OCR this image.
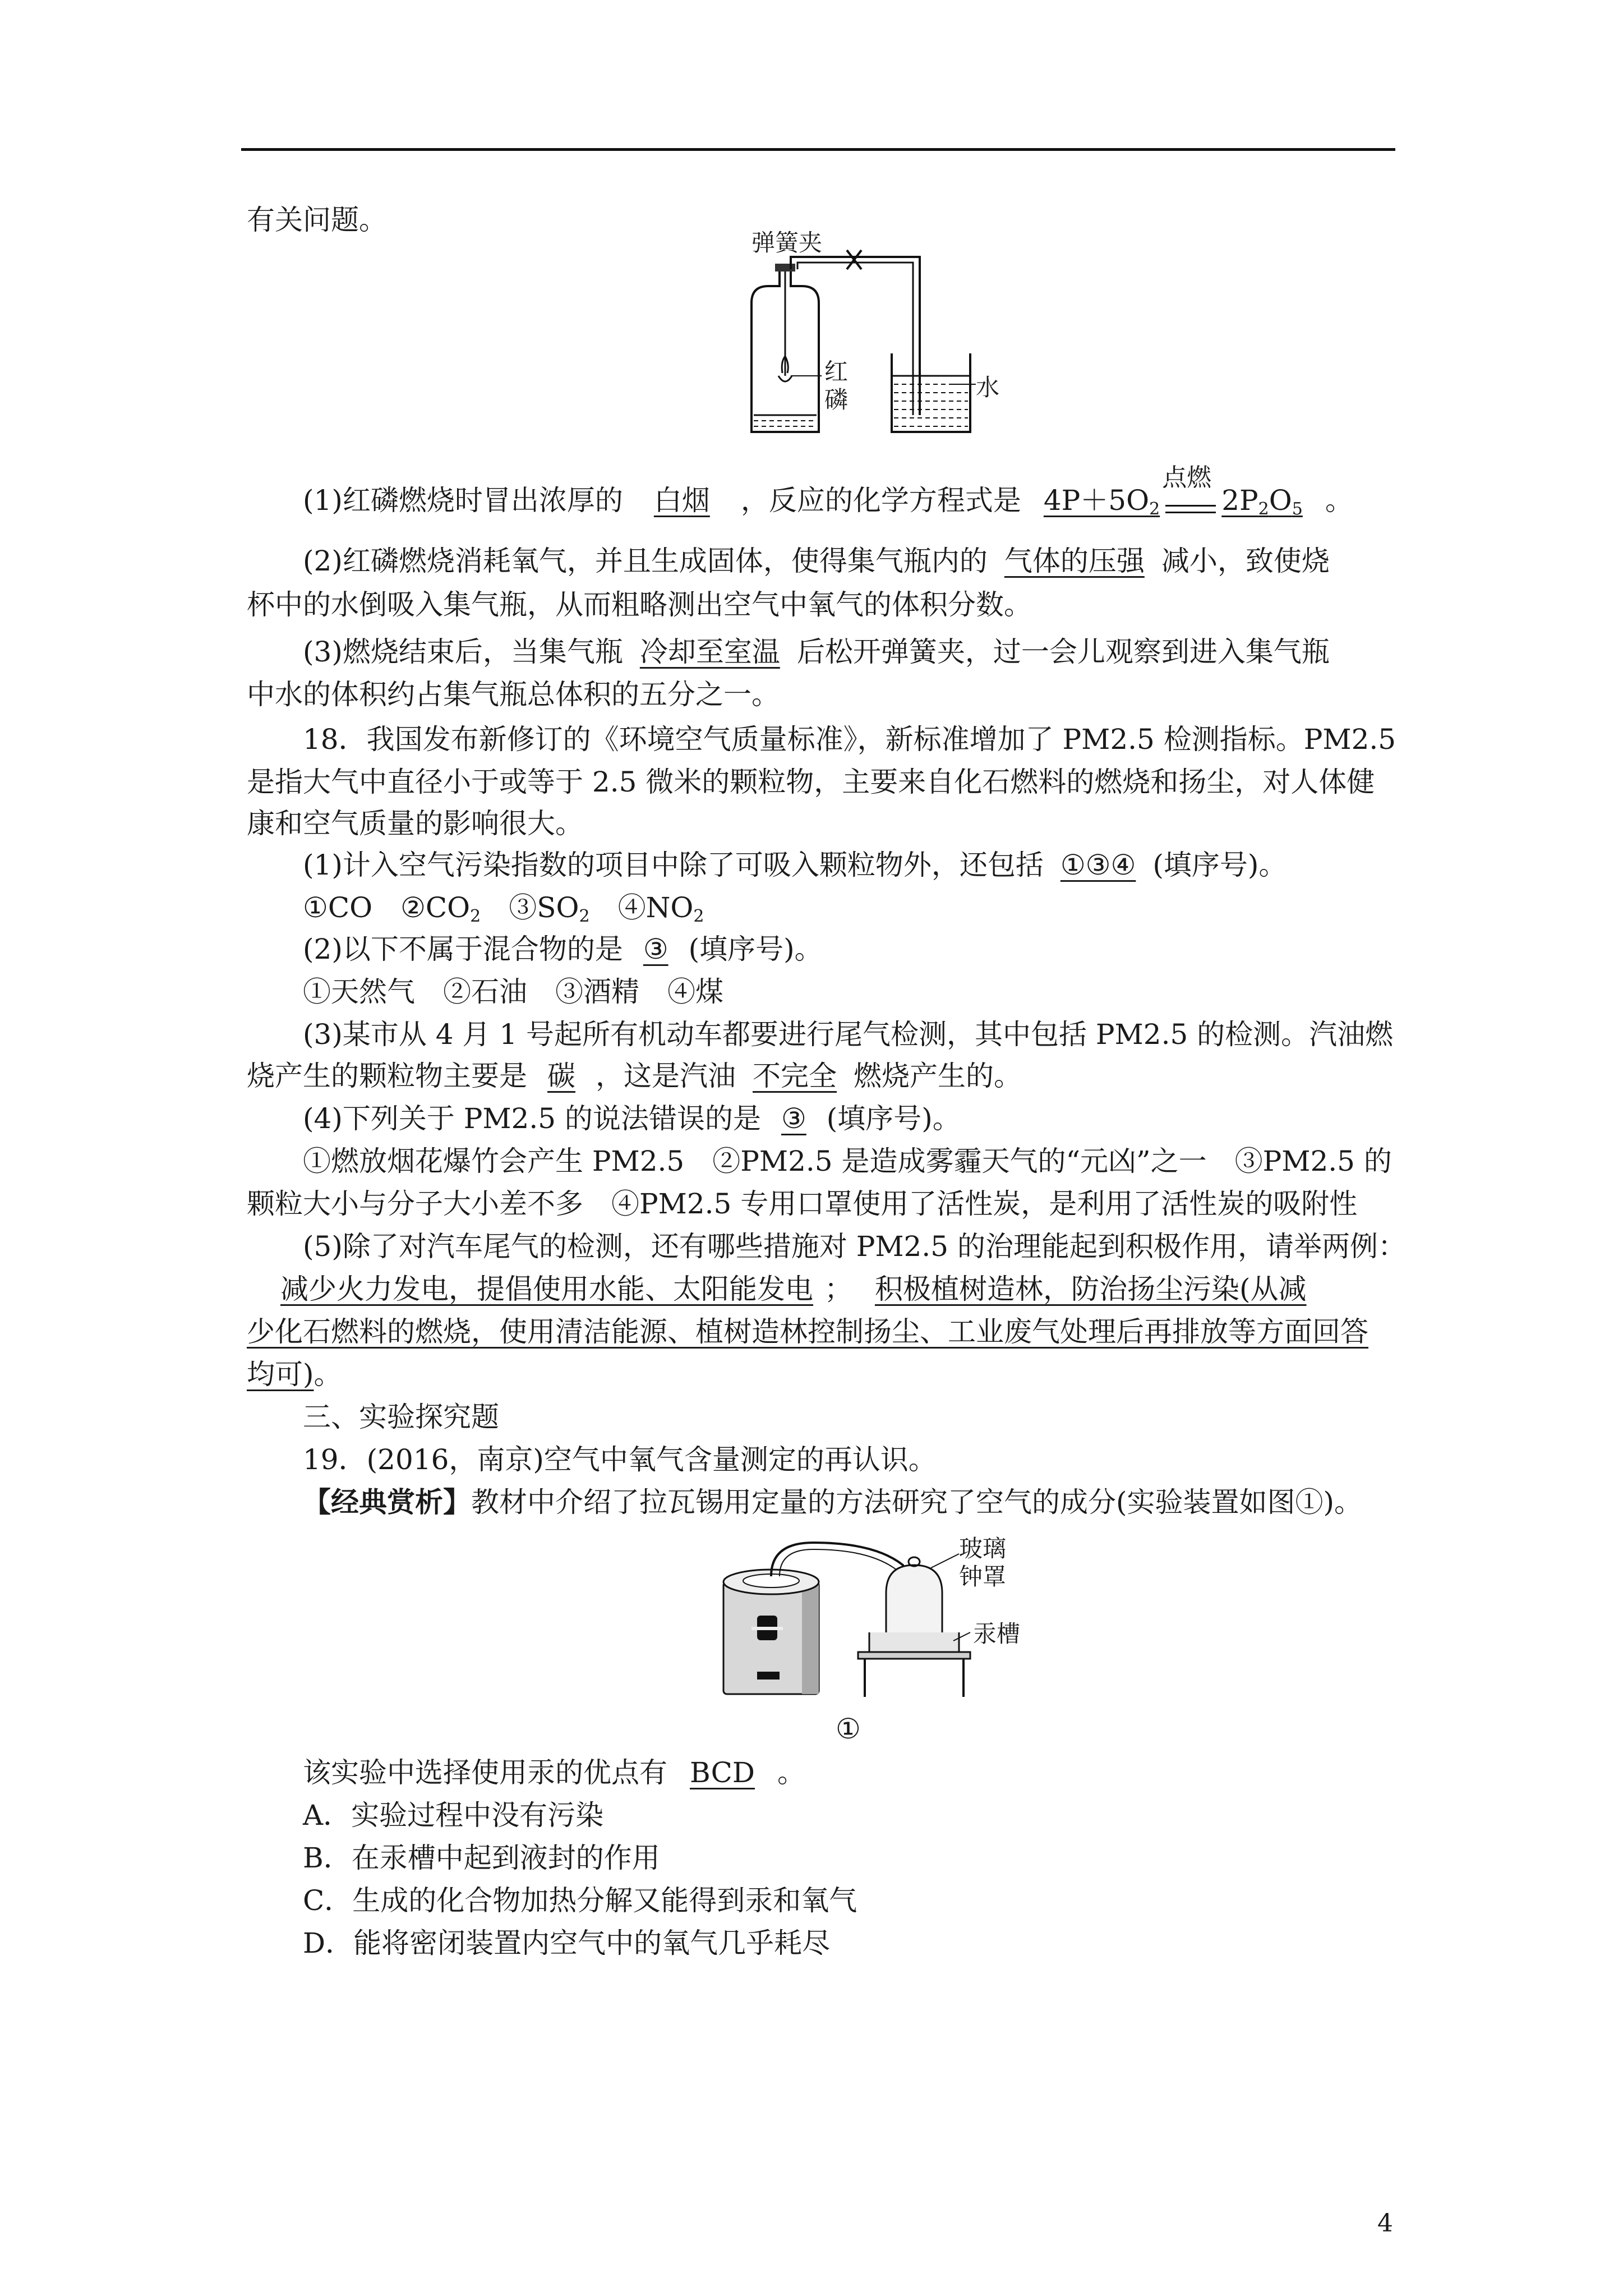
有关问题。
弹簧夹
红
磷	水
(1)红磷燃烧时冒出浓厚的 白烟 ，反应的化学方程式是 $4P+5O_2$
点燃
$2P_2O_5$ 。
(2)红磷燃烧消耗氧气，并且生成固体，使得集气瓶内的 气体的压强 减小，致使烧
杯中的水倒吸入集气瓶，从而粗略测出空气中氧气的体积分数。
(3)燃烧结束后，当集气瓶 冷却至室温 后松开弹簧夹，过一会儿观察到进入集气瓶
中水的体积约占集气瓶总体积的五分之一。
18．我国发布新修订的《环境空气质量标准》，新标准增加了 PM2.5 检测指标。PM2.5
是指大气中直径小于或等于 2.5 微米的颗粒物，主要来自化石燃料的燃烧和扬尘，对人体健
康和空气质量的影响很大。
(1)计入空气污染指数的项目中除了可吸入颗粒物外，还包括 ①③④ (填序号)。
①CO　$②CO_2$　$③SO_2$　$④NO_2$
(2)以下不属于混合物的是 ③ (填序号)。
①天然气　②石油　③酒精　④煤
(3)某市从 4 月 1 号起所有机动车都要进行尾气检测，其中包括 PM2.5 的检测。汽油燃
烧产生的颗粒物主要是 碳 ，这是汽油 不完全 燃烧产生的。
(4)下列关于 PM2.5 的说法错误的是 ③ (填序号)。
①燃放烟花爆竹会产生 PM2.5　②PM2.5 是造成雾霾天气的“元凶”之一　③PM2.5 的
颗粒大小与分子大小差不多　④PM2.5 专用口罩使用了活性炭，是利用了活性炭的吸附性
(5)除了对汽车尾气的检测，还有哪些措施对 PM2.5 的治理能起到积极作用，请举两例：
减少火力发电，提倡使用水能、太阳能发电 ； 积极植树造林，防治扬尘污染(从减
少化石燃料的燃烧，使用清洁能源、植树造林控制扬尘、工业废气处理后再排放等方面回答
均可)。
三、实验探究题
19．(2016，南京)空气中氧气含量测定的再认识。
【经典赏析】教材中介绍了拉瓦锡用定量的方法研究了空气的成分(实验装置如图①)。
玻璃
钟罩
汞槽
①
该实验中选择使用汞的优点有 BCD 。
A．实验过程中没有污染
B．在汞槽中起到液封的作用
C．生成的化合物加热分解又能得到汞和氧气
D．能将密闭装置内空气中的氧气几乎耗尽
4
